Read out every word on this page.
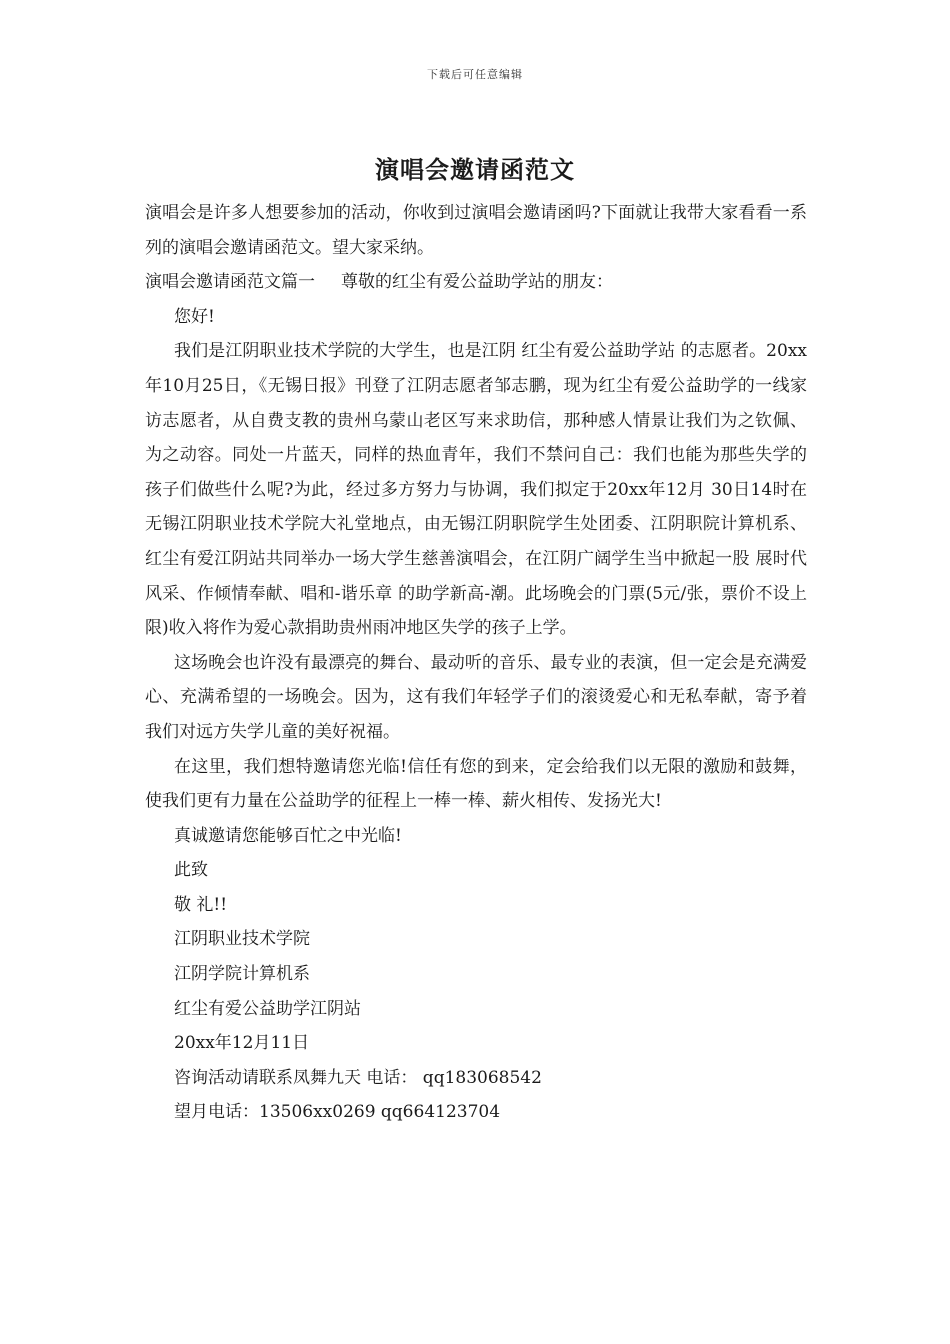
下载后可任意编辑
演唱会邀请函范文

演唱会是许多人想要参加的活动，你收到过演唱会邀请函吗?下面就让我带大家看看一系列的演唱会邀请函范文。望大家采纳。

演唱会邀请函范文篇一 尊敬的红尘有爱公益助学站的朋友：

您好!

我们是江阴职业技术学院的大学生，也是江阴 红尘有爱公益助学站 的志愿者。20xx年10月25日，《无锡日报》刊登了江阴志愿者邹志鹏，现为红尘有爱公益助学的一线家访志愿者，从自费支教的贵州乌蒙山老区写来求助信，那种感人情景让我们为之钦佩、为之动容。同处一片蓝天，同样的热血青年，我们不禁问自己：我们也能为那些失学的孩子们做些什么呢?为此，经过多方努力与协调，我们拟定于20xx年12月 30日14时在无锡江阴职业技术学院大礼堂地点，由无锡江阴职院学生处团委、江阴职院计算机系、红尘有爱江阴站共同举办一场大学生慈善演唱会，在江阴广阔学生当中掀起一股 展时代风采、作倾情奉献、唱和-谐乐章 的助学新高-潮。此场晚会的门票(5元/张，票价不设上限)收入将作为爱心款捐助贵州雨冲地区失学的孩子上学。

这场晚会也许没有最漂亮的舞台、最动听的音乐、最专业的表演，但一定会是充满爱心、充满希望的一场晚会。因为，这有我们年轻学子们的滚烫爱心和无私奉献，寄予着我们对远方失学儿童的美好祝福。

在这里，我们想特邀请您光临!信任有您的到来，定会给我们以无限的激励和鼓舞，使我们更有力量在公益助学的征程上一棒一棒、薪火相传、发扬光大!

真诚邀请您能够百忙之中光临!

此致

敬 礼!!

江阴职业技术学院

江阴学院计算机系

红尘有爱公益助学江阴站

20xx年12月11日

咨询活动请联系凤舞九天 电话： qq183068542

望月电话：13506xx0269 qq664123704
